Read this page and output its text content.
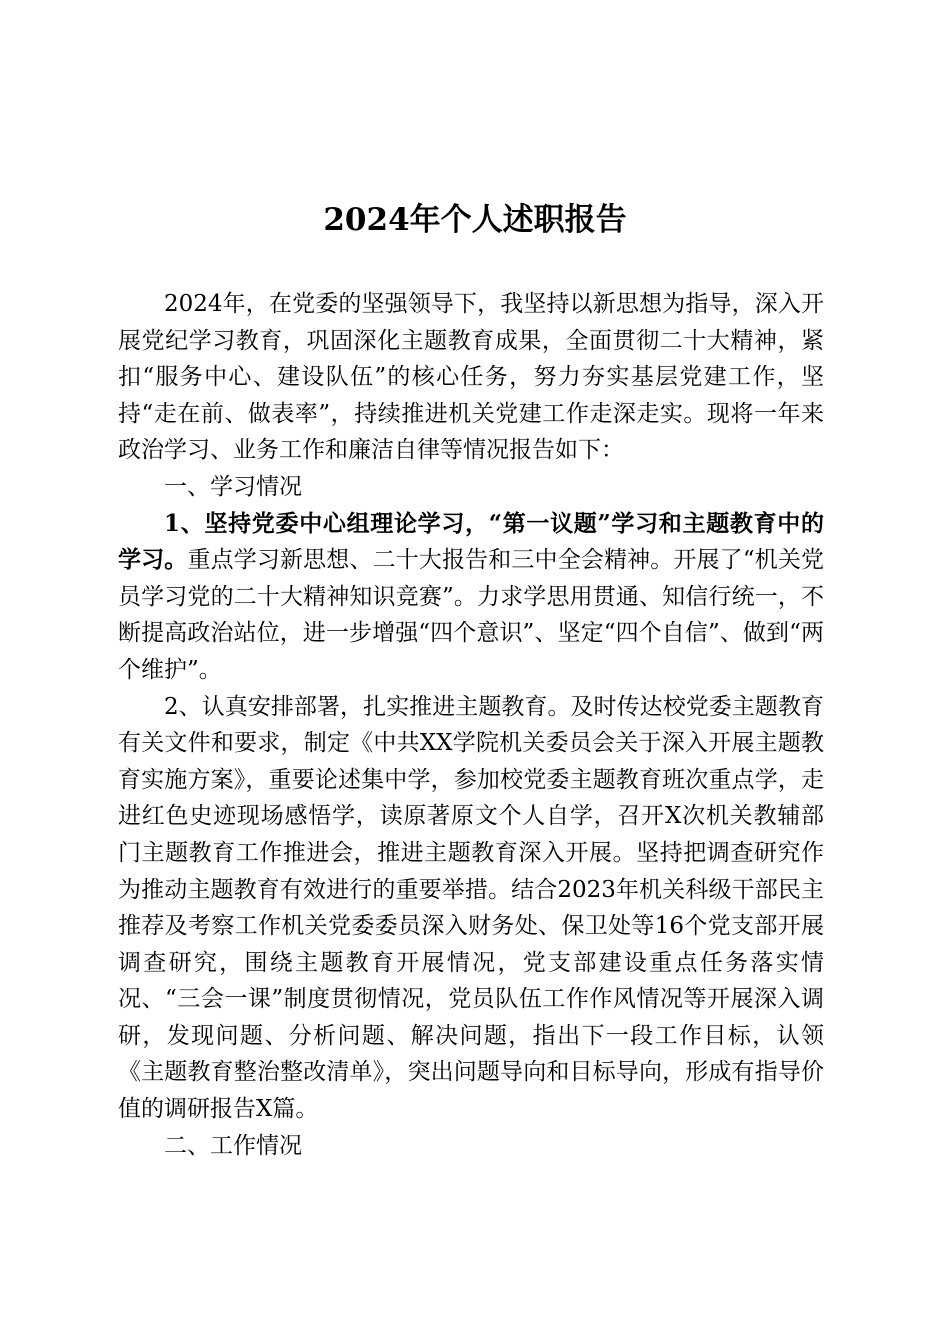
2024年个人述职报告

2024年，在党委的坚强领导下，我坚持以新思想为指导，深入开展党纪学习教育，巩固深化主题教育成果，全面贯彻二十大精神，紧扣“服务中心、建设队伍”的核心任务，努力夯实基层党建工作，坚持“走在前、做表率”，持续推进机关党建工作走深走实。现将一年来政治学习、业务工作和廉洁自律等情况报告如下：

一、学习情况

1、坚持党委中心组理论学习，“第一议题”学习和主题教育中的学习。重点学习新思想、二十大报告和三中全会精神。开展了“机关党员学习党的二十大精神知识竞赛”。力求学思用贯通、知信行统一，不断提高政治站位，进一步增强“四个意识”、坚定“四个自信”、做到“两个维护”。

2、认真安排部署，扎实推进主题教育。及时传达校党委主题教育有关文件和要求，制定《中共XX学院机关委员会关于深入开展主题教育实施方案》，重要论述集中学，参加校党委主题教育班次重点学，走进红色史迹现场感悟学，读原著原文个人自学，召开X次机关教辅部门主题教育工作推进会，推进主题教育深入开展。坚持把调查研究作为推动主题教育有效进行的重要举措。结合2023年机关科级干部民主推荐及考察工作机关党委委员深入财务处、保卫处等16个党支部开展调查研究，围绕主题教育开展情况，党支部建设重点任务落实情况、“三会一课”制度贯彻情况，党员队伍工作作风情况等开展深入调研，发现问题、分析问题、解决问题，指出下一段工作目标，认领《主题教育整治整改清单》，突出问题导向和目标导向，形成有指导价值的调研报告X篇。

二、工作情况
